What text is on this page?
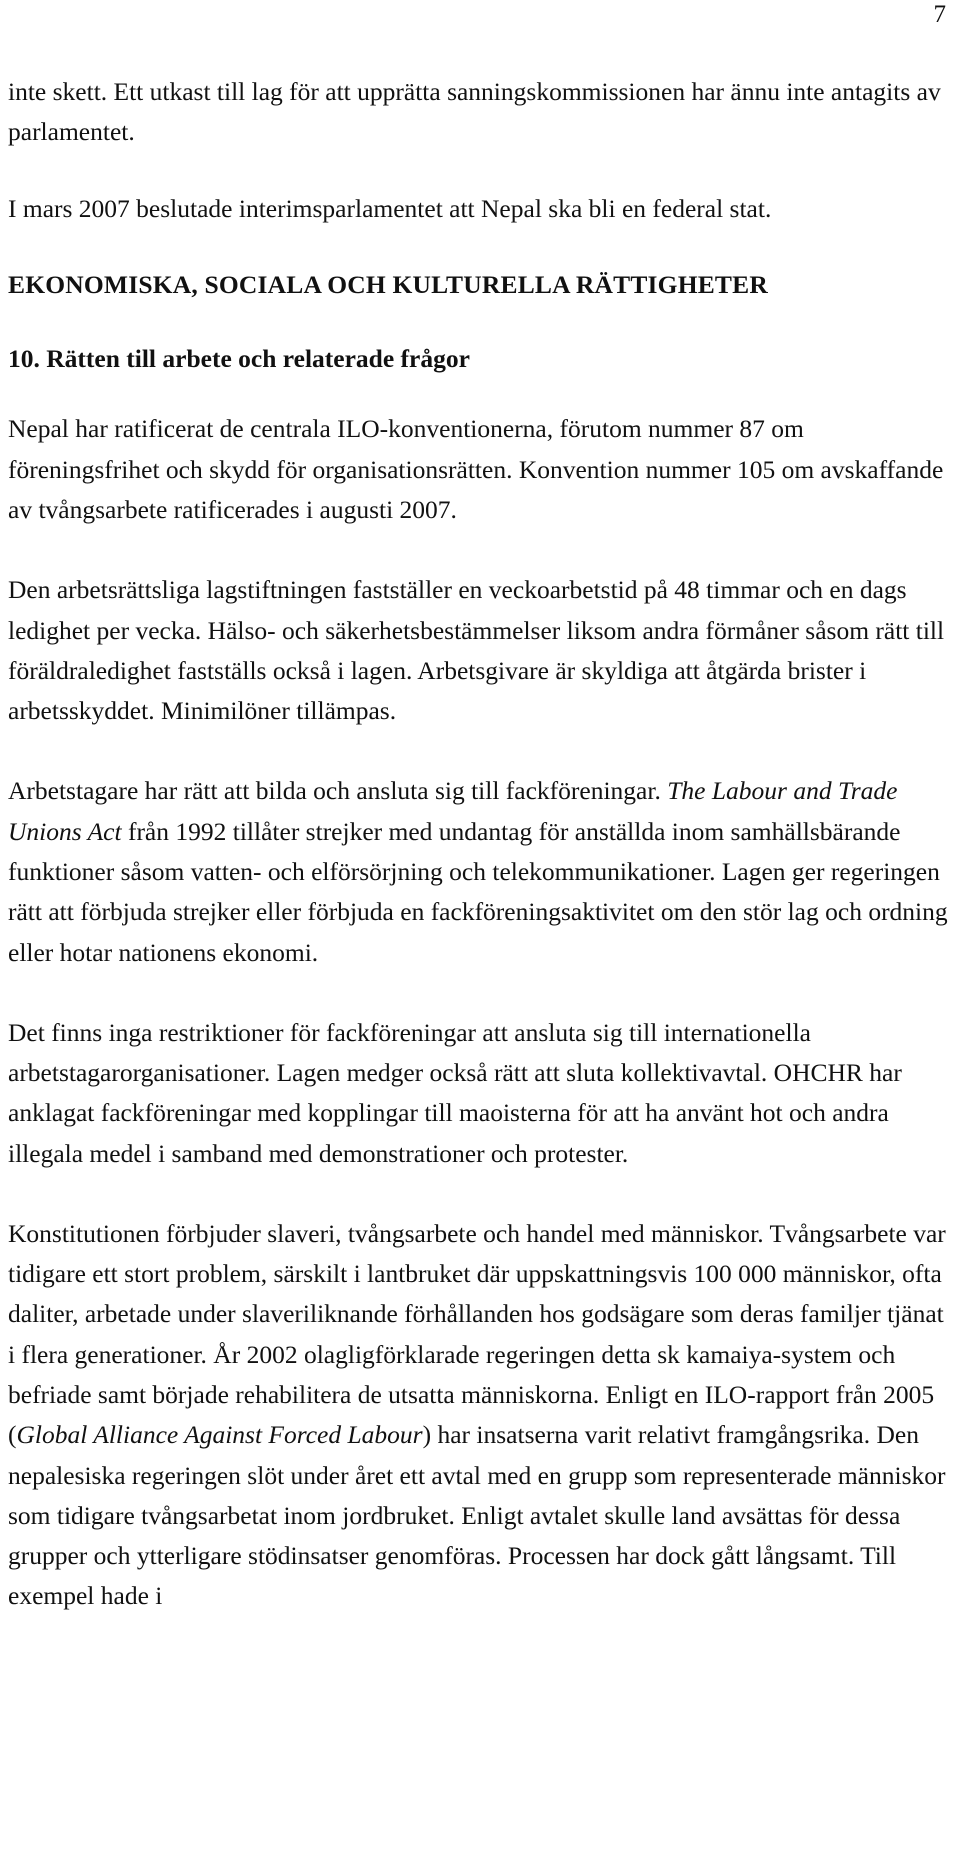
7

inte skett. Ett utkast till lag för att upprätta sanningskommissionen har ännu inte antagits av parlamentet.

I mars 2007 beslutade interimsparlamentet att Nepal ska bli en federal stat.

EKONOMISKA, SOCIALA OCH KULTURELLA RÄTTIGHETER
10. Rätten till arbete och relaterade frågor

Nepal har ratificerat de centrala ILO-konventionerna, förutom nummer 87 om föreningsfrihet och skydd för organisationsrätten. Konvention nummer 105 om avskaffande av tvångsarbete ratificerades i augusti 2007.

Den arbetsrättsliga lagstiftningen fastställer en veckoarbetstid på 48 timmar och en dags ledighet per vecka. Hälso- och säkerhetsbestämmelser liksom andra förmåner såsom rätt till föräldraledighet fastställs också i lagen. Arbetsgivare är skyldiga att åtgärda brister i arbetsskyddet. Minimilöner tillämpas.

Arbetstagare har rätt att bilda och ansluta sig till fackföreningar. The Labour and Trade Unions Act från 1992 tillåter strejker med undantag för anställda inom samhällsbärande funktioner såsom vatten- och elförsörjning och telekommunikationer. Lagen ger regeringen rätt att förbjuda strejker eller förbjuda en fackföreningsaktivitet om den stör lag och ordning eller hotar nationens ekonomi.

Det finns inga restriktioner för fackföreningar att ansluta sig till internationella arbetstagarorganisationer. Lagen medger också rätt att sluta kollektivavtal. OHCHR har anklagat fackföreningar med kopplingar till maoisterna för att ha använt hot och andra illegala medel i samband med demonstrationer och protester.

Konstitutionen förbjuder slaveri, tvångsarbete och handel med människor. Tvångsarbete var tidigare ett stort problem, särskilt i lantbruket där uppskattningsvis 100 000 människor, ofta daliter, arbetade under slaveriliknande förhållanden hos godsägare som deras familjer tjänat i flera generationer. År 2002 olagligförklarade regeringen detta sk kamaiya-system och befriade samt började rehabilitera de utsatta människorna. Enligt en ILO-rapport från 2005 (Global Alliance Against Forced Labour) har insatserna varit relativt framgångsrika. Den nepalesiska regeringen slöt under året ett avtal med en grupp som representerade människor som tidigare tvångsarbetat inom jordbruket. Enligt avtalet skulle land avsättas för dessa grupper och ytterligare stödinsatser genomföras. Processen har dock gått långsamt. Till exempel hade i
